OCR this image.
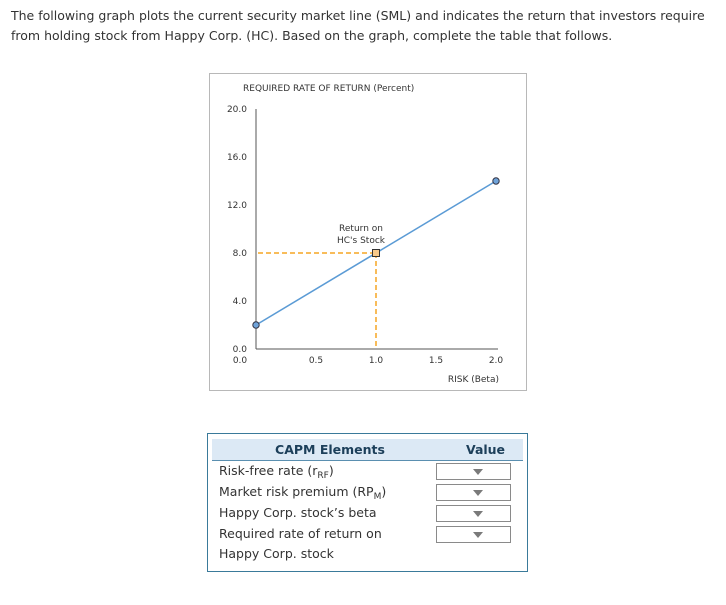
The following graph plots the current security market line (SML) and indicates the return that investors require from holding stock from Happy Corp. (HC). Based on the graph, complete the table that follows.
REQUIRED RATE OF RETURN (Percent)
0.0
4.0
8.0
12.0
16.0
20.0
0.0	0.5	1.0	1.5	2.0
RISK (Beta)
Return on
HC's Stock
CAPM Elements	Value
Risk-free rate $(r_{RF})$
Market risk premium $(RP_M)$
Happy Corp. stock’s beta
Required rate of return on
Happy Corp. stock
